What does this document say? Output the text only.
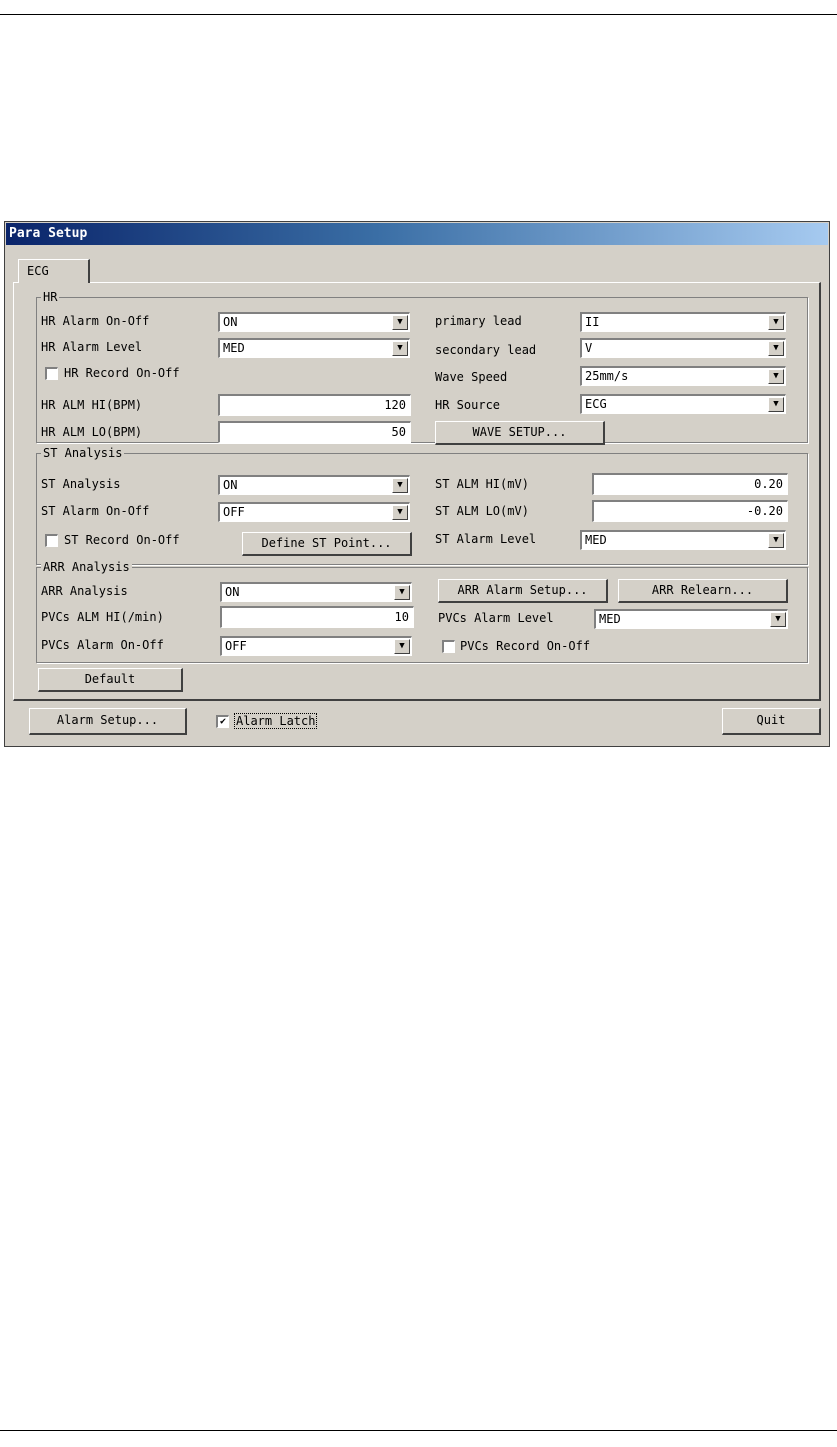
Para Setup
ECG
HR
HR Alarm On-Off	ON	▼
HR Alarm Level	MED	▼
HR Record On-Off
HR ALM HI(BPM)	120
HR ALM LO(BPM)	50
primary lead	II	▼
secondary lead	V	▼
Wave Speed	25mm/s	▼
HR Source	ECG	▼
WAVE SETUP...
ST Analysis
ST Analysis	ON	▼
ST Alarm On-Off	OFF	▼
ST Record On-Off	Define ST Point...
ST ALM HI(mV)	0.20
ST ALM LO(mV)	-0.20
ST Alarm Level	MED	▼
ARR Analysis
ARR Analysis	ON	▼
PVCs ALM HI(/min)	10
PVCs Alarm On-Off	OFF	▼
ARR Alarm Setup...	ARR Relearn...
PVCs Alarm Level	MED	▼
PVCs Record On-Off
Default
Alarm Setup...	✔ Alarm Latch	Quit
